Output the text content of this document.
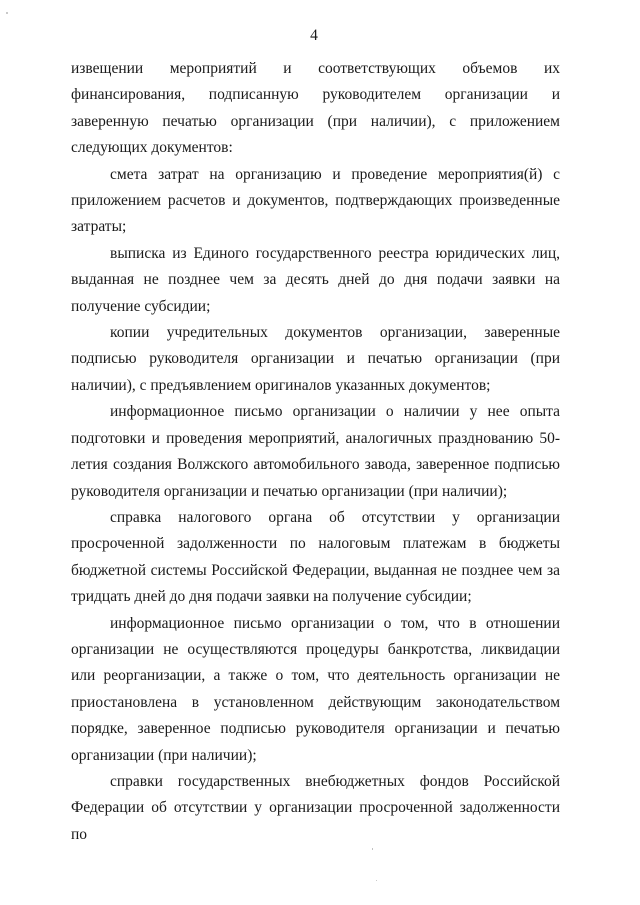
4

извещении мероприятий и соответствующих объемов их финансирования, подписанную руководителем организации и заверенную печатью организации (при наличии), с приложением следующих документов:

смета затрат на организацию и проведение мероприятия(й) с приложением расчетов и документов, подтверждающих произведенные затраты;

выписка из Единого государственного реестра юридических лиц, выданная не позднее чем за десять дней до дня подачи заявки на получение субсидии;

копии учредительных документов организации, заверенные подписью руководителя организации и печатью организации (при наличии), с предъявлением оригиналов указанных документов;

информационное письмо организации о наличии у нее опыта подготовки и проведения мероприятий, аналогичных празднованию 50-летия создания Волжского автомобильного завода, заверенное подписью руководителя организации и печатью организации (при наличии);

справка налогового органа об отсутствии у организации просроченной задолженности по налоговым платежам в бюджеты бюджетной системы Российской Федерации, выданная не позднее чем за тридцать дней до дня подачи заявки на получение субсидии;

информационное письмо организации о том, что в отношении организации не осуществляются процедуры банкротства, ликвидации или реорганизации, а также о том, что деятельность организации не приостановлена в установленном действующим законодательством порядке, заверенное подписью руководителя организации и печатью организации (при наличии);

справки государственных внебюджетных фондов Российской Федерации об отсутствии у организации просроченной задолженности по
